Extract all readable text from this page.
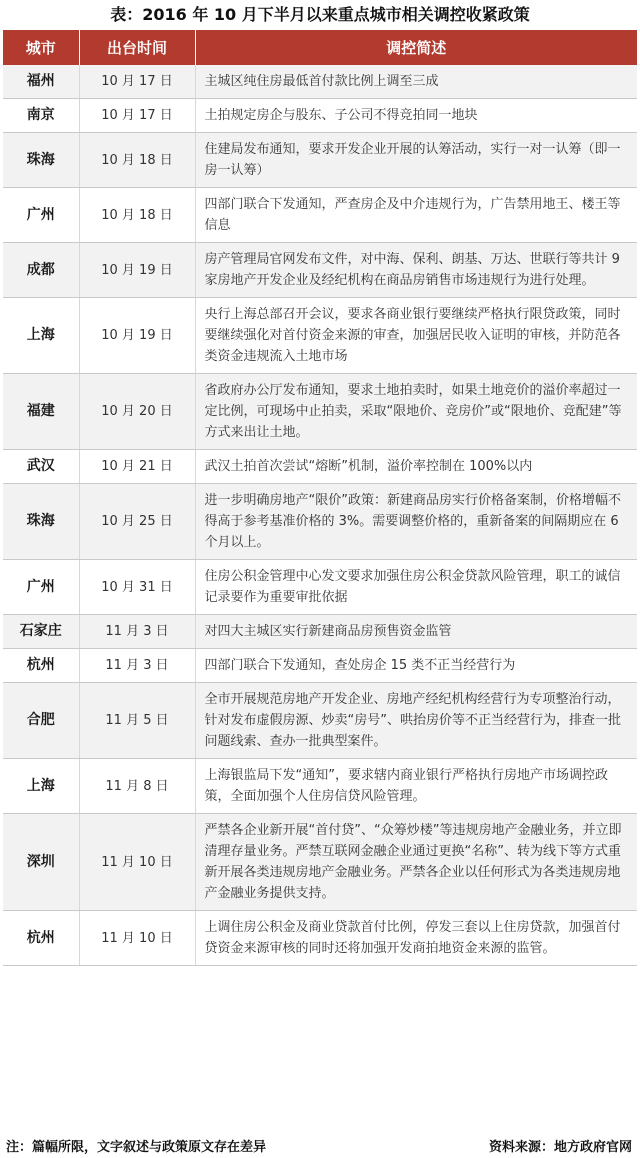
表：2016 年 10 月下半月以来重点城市相关调控收紧政策
城市	出台时间	调控简述
福州	10 月 17 日	主城区纯住房最低首付款比例上调至三成
南京	10 月 17 日	土拍规定房企与股东、子公司不得竞拍同一地块
珠海	10 月 18 日	住建局发布通知，要求开发企业开展的认筹活动，实行一对一认筹（即一房一认筹）
广州	10 月 18 日	四部门联合下发通知，严查房企及中介违规行为，广告禁用地王、楼王等信息
成都	10 月 19 日	房产管理局官网发布文件，对中海、保利、朗基、万达、世联行等共计 9 家房地产开发企业及经纪机构在商品房销售市场违规行为进行处理。
上海	10 月 19 日	央行上海总部召开会议，要求各商业银行要继续严格执行限贷政策，同时要继续强化对首付资金来源的审查，加强居民收入证明的审核，并防范各类资金违规流入土地市场
福建	10 月 20 日	省政府办公厅发布通知，要求土地拍卖时，如果土地竞价的溢价率超过一定比例，可现场中止拍卖，采取“限地价、竞房价”或“限地价、竞配建”等方式来出让土地。
武汉	10 月 21 日	武汉土拍首次尝试“熔断”机制，溢价率控制在 100%以内
珠海	10 月 25 日	进一步明确房地产“限价”政策：新建商品房实行价格备案制，价格增幅不得高于参考基准价格的 3%。需要调整价格的，重新备案的间隔期应在 6 个月以上。
广州	10 月 31 日	住房公积金管理中心发文要求加强住房公积金贷款风险管理，职工的诚信记录要作为重要审批依据
石家庄	11 月 3 日	对四大主城区实行新建商品房预售资金监管
杭州	11 月 3 日	四部门联合下发通知，查处房企 15 类不正当经营行为
合肥	11 月 5 日	全市开展规范房地产开发企业、房地产经纪机构经营行为专项整治行动，针对发布虚假房源、炒卖“房号”、哄抬房价等不正当经营行为，排查一批问题线索、查办一批典型案件。
上海	11 月 8 日	上海银监局下发“通知”，要求辖内商业银行严格执行房地产市场调控政策，全面加强个人住房信贷风险管理。
深圳	11 月 10 日	严禁各企业新开展“首付贷”、“众筹炒楼”等违规房地产金融业务，并立即清理存量业务。严禁互联网金融企业通过更换“名称”、转为线下等方式重新开展各类违规房地产金融业务。严禁各企业以任何形式为各类违规房地产金融业务提供支持。
杭州	11 月 10 日	上调住房公积金及商业贷款首付比例，停发三套以上住房贷款，加强首付贷资金来源审核的同时还将加强开发商拍地资金来源的监管。
注：篇幅所限，文字叙述与政策原文存在差异	资料来源：地方政府官网
